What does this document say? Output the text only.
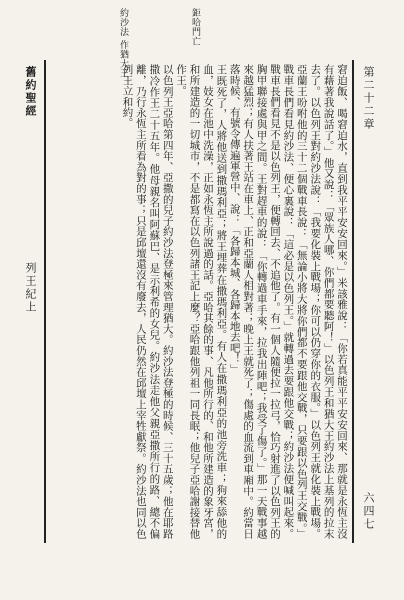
鉅哈門亡
約沙法 作猶大王
第二十二章
六四七
舊約聖經
列王紀上	窘迫飯、喝窘迫水，直到我平平安安回來。」米該雅說：「你若真能平平安安回來、那就是永恆主沒有藉著我說話了。」他又說：「眾族人哪、你們都要聽阿！」以色列王和猶大王約沙法上基列的拉末去了。以色列王對約沙法說：「我要化裝上戰場；你可以仍穿你的衣服。」以色列王就化裝上戰場。亞蘭王吩咐他的三十二個戰車長說：「無論小將大將你們都不要跟他交戰，只要跟以色列王交戰。」戰車長們看見約沙法、便心裏說：「這必是以色列王。」就轉過去要跟他交戰；約沙法便喊叫起來。戰車長們看見不是以色列王，便轉回去、不追他了。有一個人隨便拉一拉弓，恰巧射進了以色列王的胸甲聯接處與甲之間。王對趕車的說：「你轉過車手來，拉我出陣吧；我受了傷了。」那一天戰事越來越猛烈；有人扶著王站在車上、正和亞蘭人相對著；晚上王就死了；傷處的血流到車廂中。約當日落時候、有號令傳遍軍營中、說：「各歸本城、各歸本地去吧！」

王既死了，人將他送到撒瑪利亞；將王埋葬在撒瑪利亞。有人在撒瑪利亞的池旁洗車；狗來舔他的血，妓女在池中洗澡，正如永恆主所說過的話。亞哈其餘的事、凡他所行的、和他所建造的象牙宮，和所建造的一切城市，不是都寫在以色列諸王記上麼？亞哈跟他列祖一同長眠；他兒子亞哈謝接替他作王。

以色列王亞哈第四年、亞撒的兒子約沙法登極來管理猶大。約沙法登極的時候、三十五歲；他在耶路撒冷作王二十五年。他母親名叫阿蘇巴、是示利希的女兒。約沙法走他父親亞撒所行的路、總不偏離，乃行永恆主所看為對的事；只是邱壇還沒有廢去，人民仍然在邱壇上宰牲獻祭。約沙法也同以色列王立和約。
